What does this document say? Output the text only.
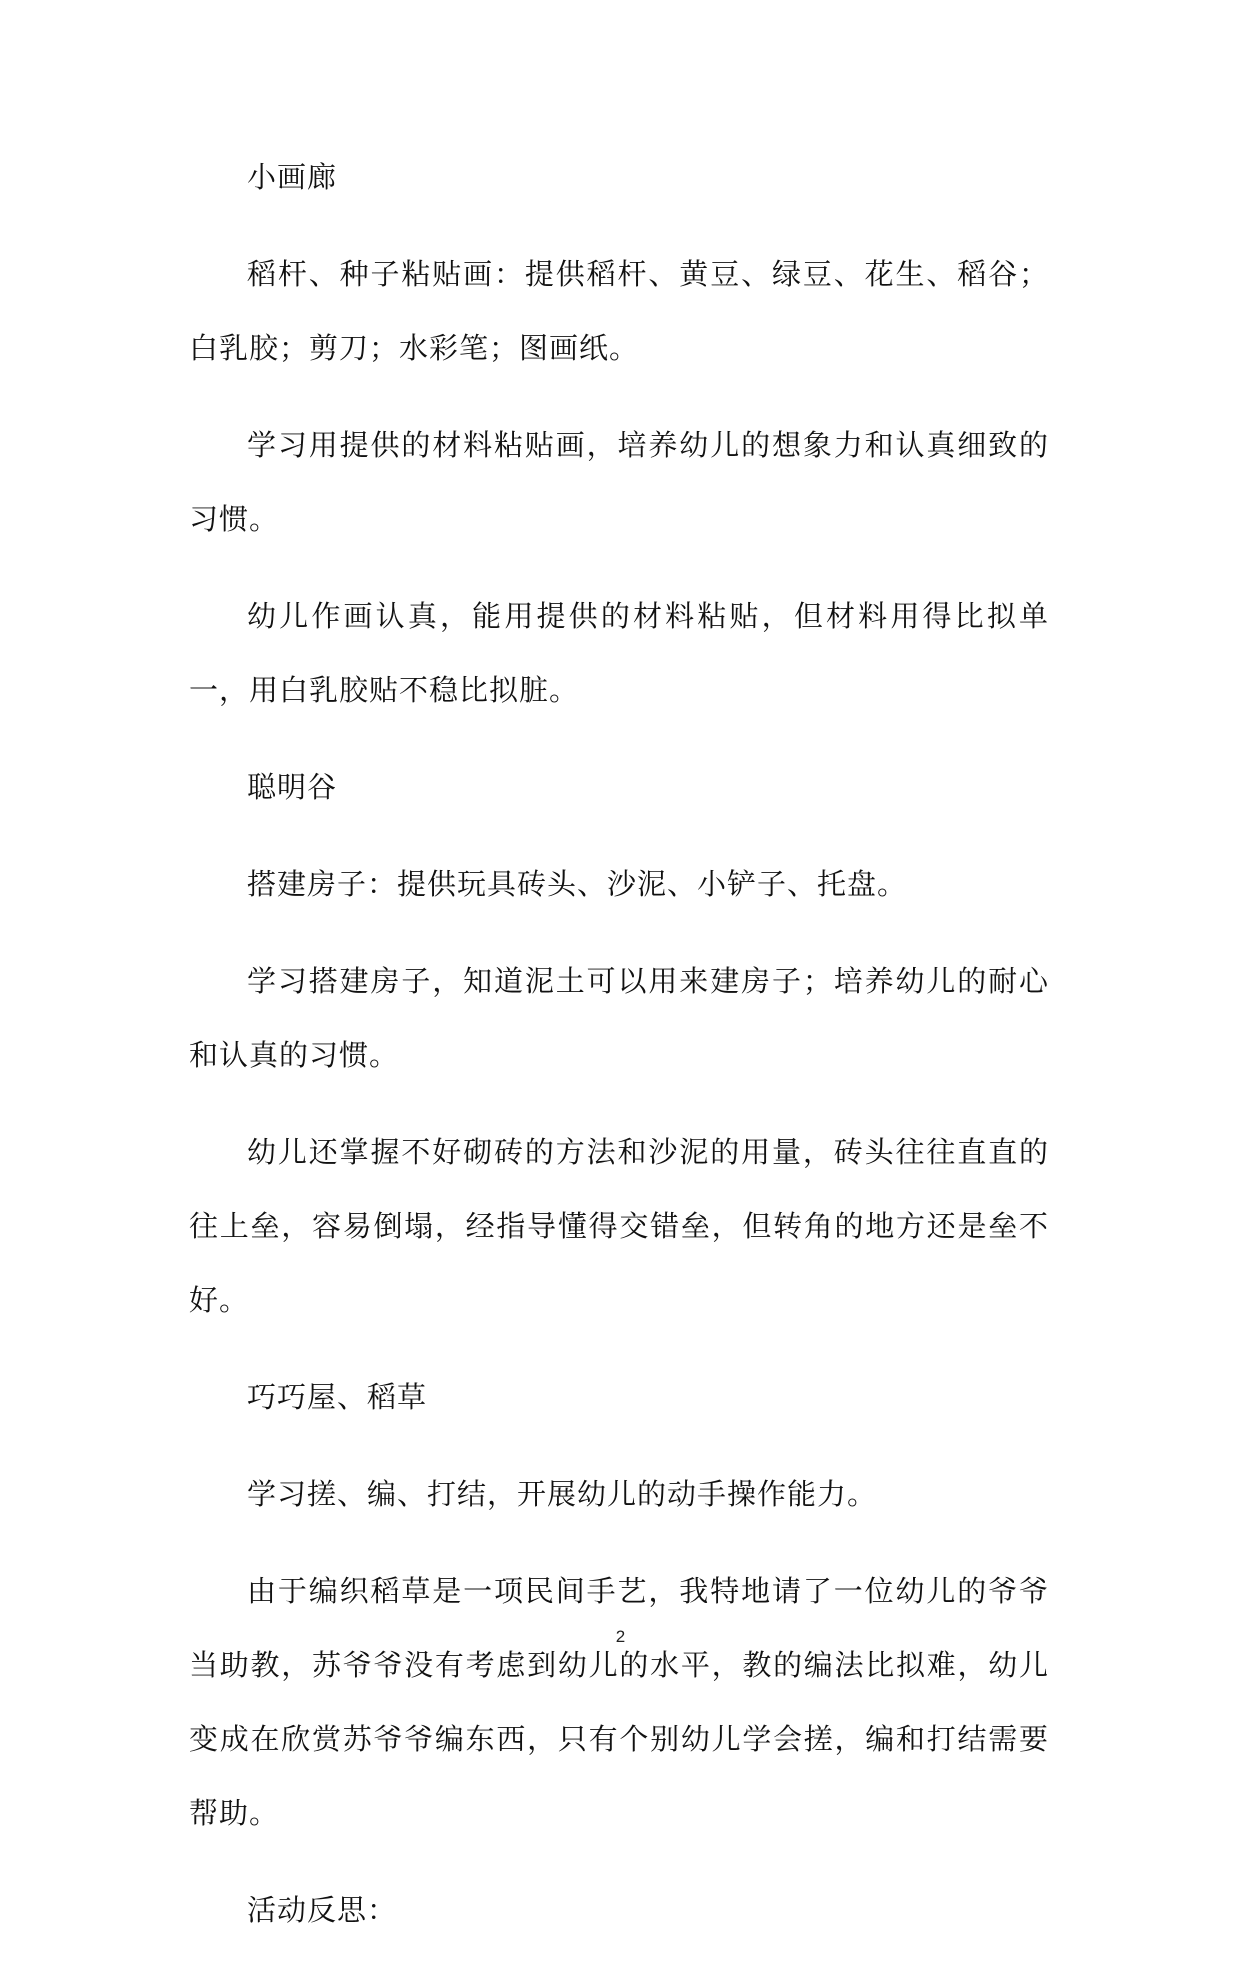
小画廊

稻杆、种子粘贴画：提供稻杆、黄豆、绿豆、花生、稻谷；白乳胶；剪刀；水彩笔；图画纸。

学习用提供的材料粘贴画，培养幼儿的想象力和认真细致的习惯。

幼儿作画认真，能用提供的材料粘贴，但材料用得比拟单一，用白乳胶贴不稳比拟脏。

聪明谷

搭建房子：提供玩具砖头、沙泥、小铲子、托盘。

学习搭建房子，知道泥土可以用来建房子；培养幼儿的耐心和认真的习惯。

幼儿还掌握不好砌砖的方法和沙泥的用量，砖头往往直直的往上垒，容易倒塌，经指导懂得交错垒，但转角的地方还是垒不好。

巧巧屋、稻草

学习搓、编、打结，开展幼儿的动手操作能力。

由于编织稻草是一项民间手艺，我特地请了一位幼儿的爷爷当助教，苏爷爷没有考虑到幼儿的水平，教的编法比拟难，幼儿变成在欣赏苏爷爷编东西，只有个别幼儿学会搓，编和打结需要帮助。

活动反思：

2
